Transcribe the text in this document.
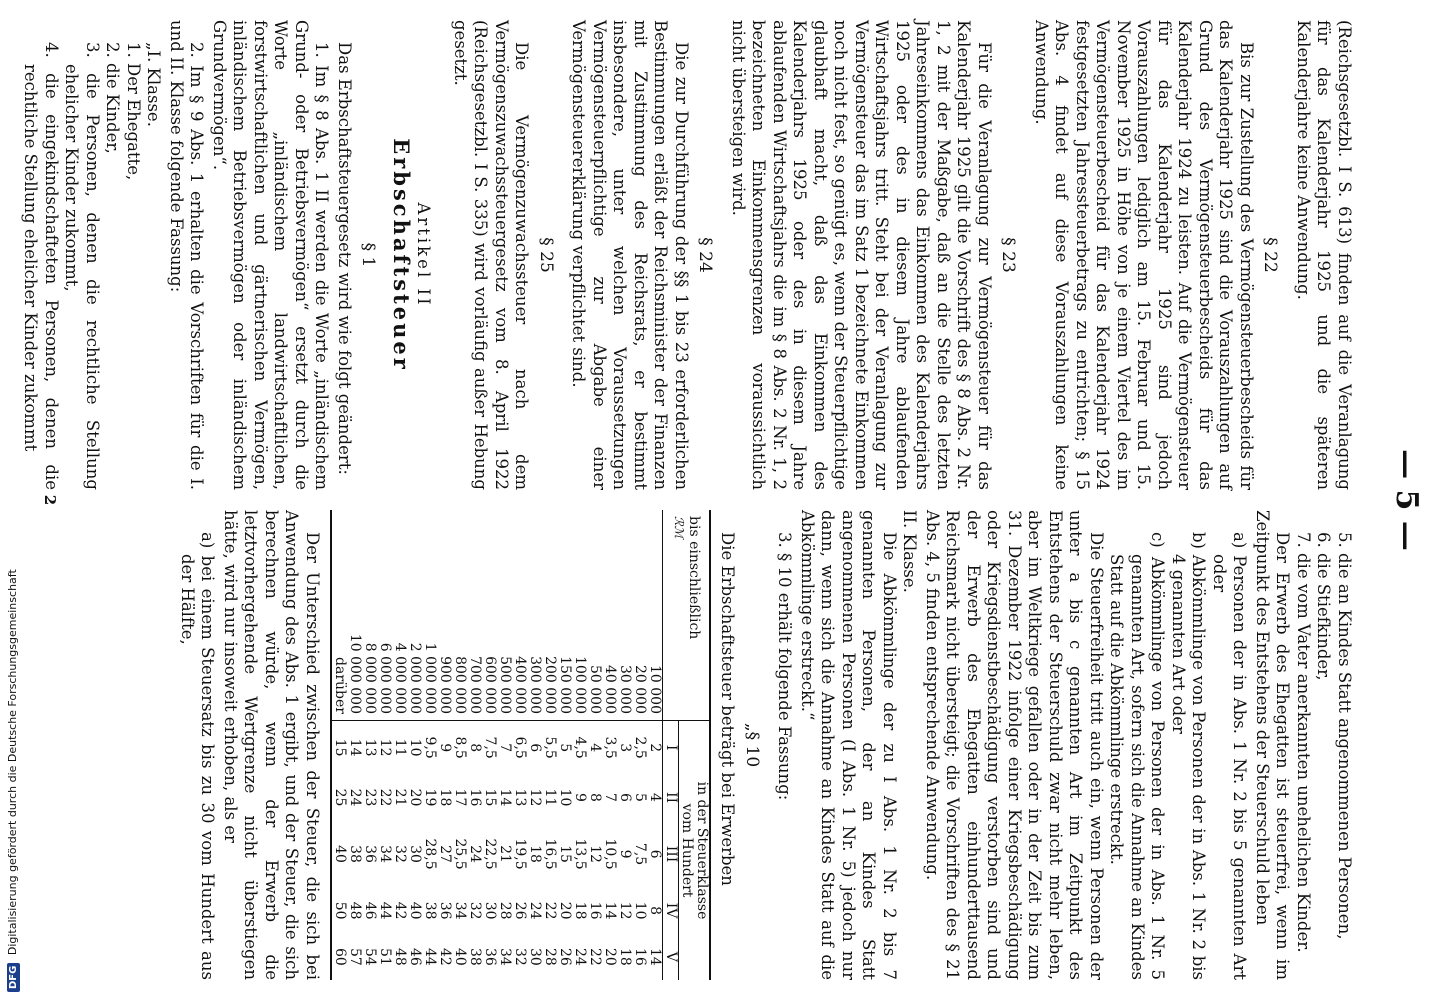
— 5 —

(Reichsgesetzbl. I S. 613) finden auf die Veranlagung für das Kalenderjahr 1925 und die späteren Kalenderjahre keine Anwendung.

§ 22

Bis zur Zustellung des Vermögensteuerbescheids für das Kalenderjahr 1925 sind die Vorauszahlungen auf Grund des Vermögensteuerbescheids für das Kalenderjahr 1924 zu leisten. Auf die Vermögensteuer für das Kalenderjahr 1925 sind jedoch Vorauszahlungen lediglich am 15. Februar und 15. November 1925 in Höhe von je einem Viertel des im Vermögensteuerbescheid für das Kalenderjahr 1924 festgesetzten Jahressteuerbetrags zu entrichten; § 15 Abs. 4 findet auf diese Vorauszahlungen keine Anwendung.

§ 23

Für die Veranlagung zur Vermögensteuer für das Kalenderjahr 1925 gilt die Vorschrift des § 8 Abs. 2 Nr. 1, 2 mit der Maßgabe, daß an die Stelle des letzten Jahreseinkommens das Einkommen des Kalenderjahrs 1925 oder des in diesem Jahre ablaufenden Wirtschaftsjahrs tritt. Steht bei der Veranlagung zur Vermögensteuer das im Satz 1 bezeichnete Einkommen noch nicht fest, so genügt es, wenn der Steuerpflichtige glaubhaft macht, daß das Einkommen des Kalenderjahrs 1925 oder des in diesem Jahre ablaufenden Wirtschaftsjahrs die im § 8 Abs. 2 Nr. 1, 2 bezeichneten Einkommensgrenzen voraussichtlich nicht übersteigen wird.

§ 24

Die zur Durchführung der §§ 1 bis 23 erforderlichen Bestimmungen erläßt der Reichsminister der Finanzen mit Zustimmung des Reichsrats, er bestimmt insbesondere, unter welchen Voraussetzungen Vermögensteuerpflichtige zur Abgabe einer Vermögensteuererklärung verpflichtet sind.

§ 25

Die Vermögenzuwachssteuer nach dem Vermögenszuwachssteuergesetz vom 8. April 1922 (Reichsgesetzbl. I S. 335) wird vorläufig außer Hebung gesetzt.

Artikel II
Erbschaftsteuer
§ 1

Das Erbschaftsteuergesetz wird wie folgt geändert:

1. Im § 8 Abs. 1 II werden die Worte „inländischem Grund- oder Betriebsvermögen“ ersetzt durch die Worte „inländischem landwirtschaftlichen, forstwirtschaftlichen und gärtnerischen Vermögen, inländischem Betriebsvermögen oder inländischem Grundvermögen“.

2. Im § 9 Abs. 1 erhalten die Vorschriften für die I. und II. Klasse folgende Fassung:

„I. Klasse.

1. Der Ehegatte,

2. die Kinder,

3. die Personen, denen die rechtliche Stellung ehelicher Kinder zukommt,

4. die eingekindschafteten Personen, denen die rechtliche Stellung ehelicher Kinder zukommt

5. die an Kindes Statt angenommenen Personen,

6. die Stiefkinder,

7. die vom Vater anerkannten unehelichen Kinder.

Der Erwerb des Ehegatten ist steuerfrei, wenn im Zeitpunkt des Entstehens der Steuerschuld leben

a) Personen der in Abs. 1 Nr. 2 bis 5 genannten Art oder

b) Abkömmlinge von Personen der in Abs. 1 Nr. 2 bis 4 genannten Art oder

c) Abkömmlinge von Personen der in Abs. 1 Nr. 5 genannten Art, sofern sich die Annahme an Kindes Statt auf die Abkömmlinge erstreckt.

Die Steuerfreiheit tritt auch ein, wenn Personen der unter a bis c genannten Art im Zeitpunkt des Entstehens der Steuerschuld zwar nicht mehr leben, aber im Weltkriege gefallen oder in der Zeit bis zum 31. Dezember 1922 infolge einer Kriegsbeschädigung oder Kriegsdienstbeschädigung verstorben sind und der Erwerb des Ehegatten einhunderttausend Reichsmark nicht übersteigt; die Vorschriften des § 21 Abs. 4, 5 finden entsprechende Anwendung.

II. Klasse.

Die Abkömmlinge der zu I Abs. 1 Nr. 2 bis 7 genannten Personen, der an Kindes Statt angenommenen Personen (I Abs. 1 Nr. 5) jedoch nur dann, wenn sich die Annahme an Kindes Statt auf die Abkömmlinge erstreckt.“

3. § 10 erhält folgende Fassung:

„§ 10

Die Erbschaftsteuer beträgt bei Erwerben

bis einschließlich
ℛℳ	in der Steuerklasse
vom Hundert				
	I	II	III	IV	V
10 000	2	4	6	8	14
20 000	2,5	5	7,5	10	16
30 000	3	6	9	12	18
40 000	3,5	7	10,5	14	20
50 000	4	8	12	16	22
100 000	4,5	9	13,5	18	24
150 000	5	10	15	20	26
200 000	5,5	11	16,5	22	28
300 000	6	12	18	24	30
400 000	6,5	13	19,5	26	32
500 000	7	14	21	28	34
600 000	7,5	15	22,5	30	36
700 000	8	16	24	32	38
800 000	8,5	17	25,5	34	40
900 000	9	18	27	36	42
1 000 000	9,5	19	28,5	38	44
2 000 000	10	20	30	40	46
4 000 000	11	21	32	42	48
6 000 000	12	22	34	44	51
8 000 000	13	23	36	46	54
10 000 000	14	24	38	48	57
darüber	15	25	40	50	60

Der Unterschied zwischen der Steuer, die sich bei Anwendung des Abs. 1 ergibt, und der Steuer, die sich berechnen würde, wenn der Erwerb die letztvorhergehende Wertgrenze nicht überstiegen hätte, wird nur insoweit erhoben, als er

a) bei einem Steuersatz bis zu 30 vom Hundert aus der Hälfte,

2
DFG Digitalisierung gefördert durch die Deutsche Forschungsgemeinschaft
